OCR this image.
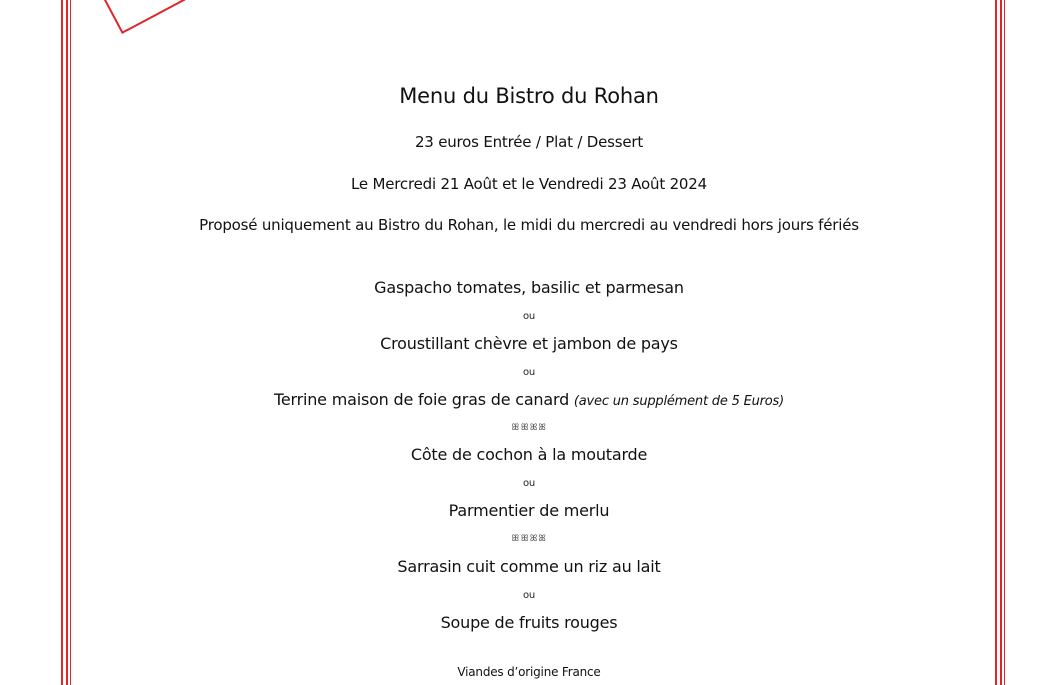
Menu du Bistro du Rohan
23 euros Entrée / Plat / Dessert
Le Mercredi 21 Août et le Vendredi 23 Août 2024
Proposé uniquement au Bistro du Rohan, le midi du mercredi au vendredi hors jours fériés
Gaspacho tomates, basilic et parmesan
ou
Croustillant chèvre et jambon de pays
ou
Terrine maison de foie gras de canard (avec un supplément de 5 Euros)
ꕥꕥꕤꕤ
Côte de cochon à la moutarde
ou
Parmentier de merlu
ꕥꕥꕤꕤ
Sarrasin cuit comme un riz au lait
ou
Soupe de fruits rouges
Viandes d’origine France
